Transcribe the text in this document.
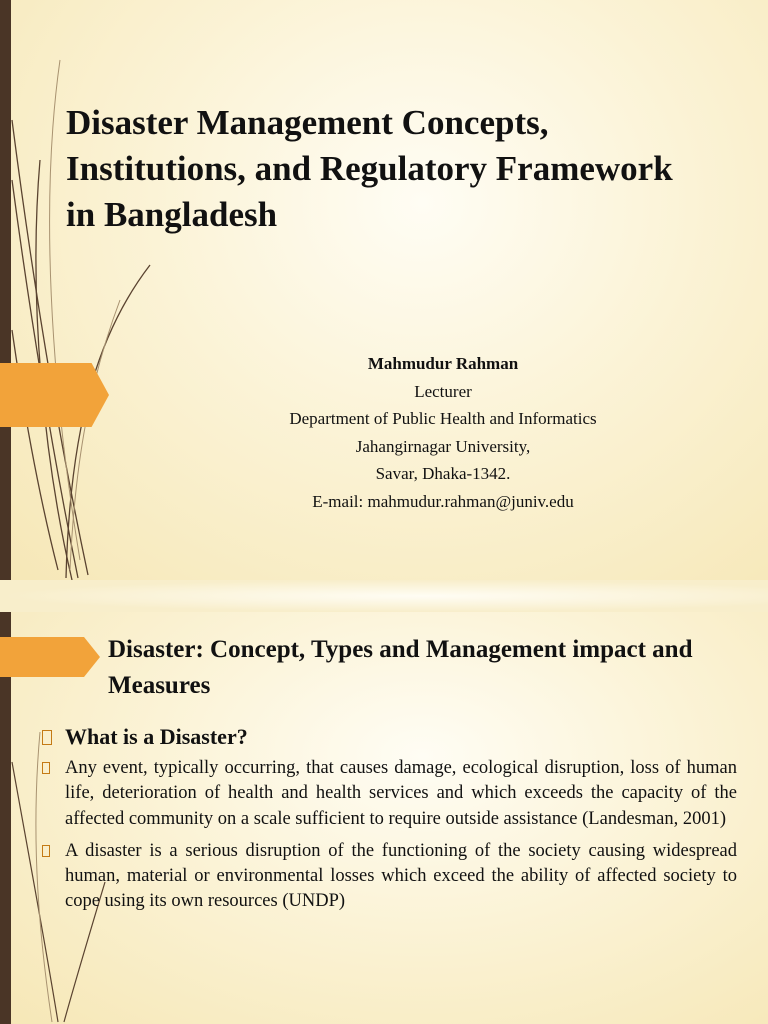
Disaster Management Concepts, Institutions, and Regulatory Framework in Bangladesh
Mahmudur Rahman
Lecturer
Department of Public Health and Informatics
Jahangirnagar University,
Savar, Dhaka-1342.
E-mail: mahmudur.rahman@juniv.edu
Disaster: Concept, Types and Management impact and Measures
What is a Disaster?

Any event, typically occurring, that causes damage, ecological disruption, loss of human life, deterioration of health and health services and which exceeds the capacity of the affected community on a scale sufficient to require outside assistance (Landesman, 2001)

A disaster is a serious disruption of the functioning of the society causing widespread human, material or environmental losses which exceed the ability of affected society to cope using its own resources (UNDP)
